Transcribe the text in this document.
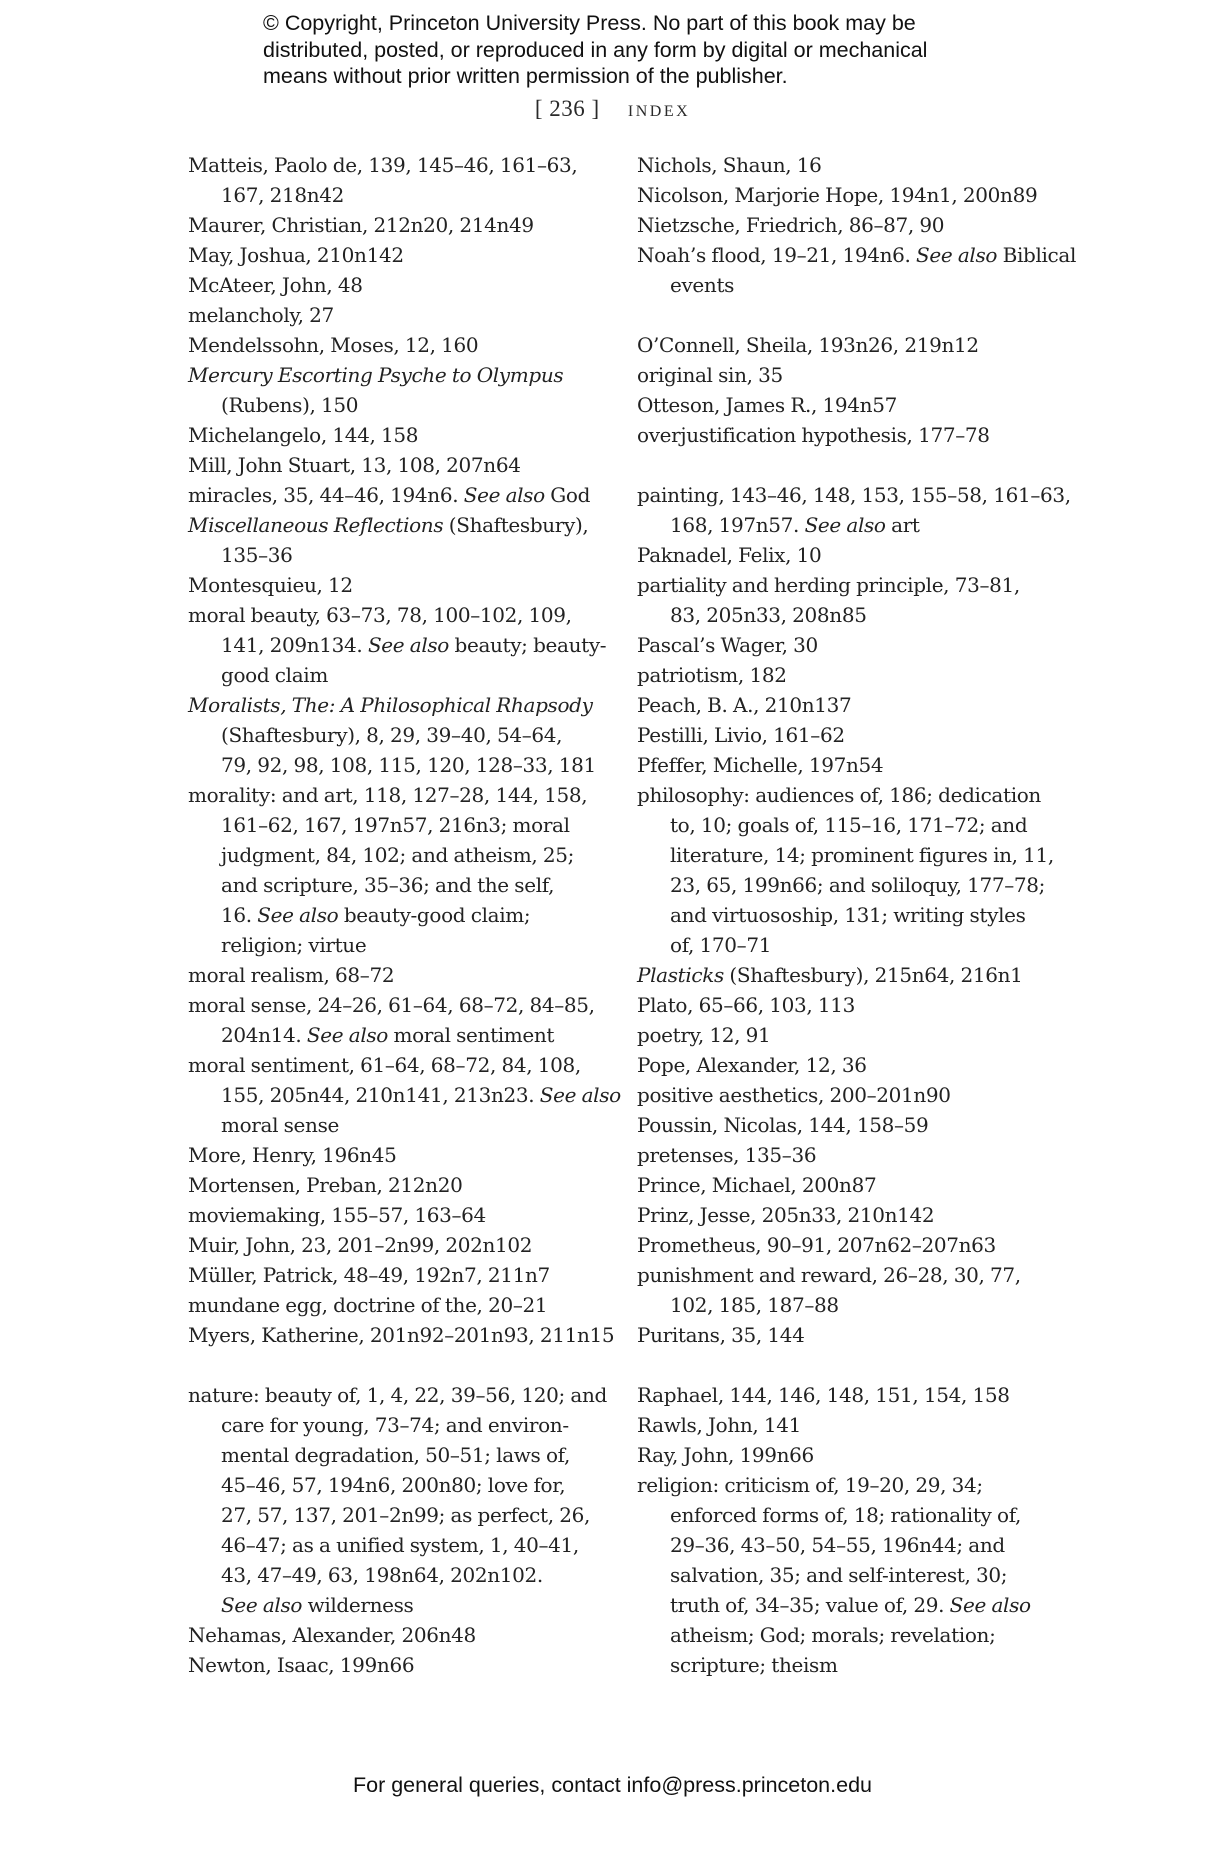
© Copyright, Princeton University Press. No part of this book may be
distributed, posted, or reproduced in any form by digital or mechanical
means without prior written permission of the publisher.
[ 236 ] index
Matteis, Paolo de, 139, 145–46, 161–63,
167, 218n42
Maurer, Christian, 212n20, 214n49
May, Joshua, 210n142
McAteer, John, 48
melancholy, 27
Mendelssohn, Moses, 12, 160
Mercury Escorting Psyche to Olympus
(Rubens), 150
Michelangelo, 144, 158
Mill, John Stuart, 13, 108, 207n64
miracles, 35, 44–46, 194n6. See also God
Miscellaneous Reflections (Shaftesbury),
135–36
Montesquieu, 12
moral beauty, 63–73, 78, 100–102, 109,
141, 209n134. See also beauty; beauty-
good claim
Moralists, The: A Philosophical Rhapsody
(Shaftesbury), 8, 29, 39–40, 54–64,
79, 92, 98, 108, 115, 120, 128–33, 181
morality: and art, 118, 127–28, 144, 158,
161–62, 167, 197n57, 216n3; moral
judgment, 84, 102; and atheism, 25;
and scripture, 35–36; and the self,
16. See also beauty-good claim;
religion; virtue
moral realism, 68–72
moral sense, 24–26, 61–64, 68–72, 84–85,
204n14. See also moral sentiment
moral sentiment, 61–64, 68–72, 84, 108,
155, 205n44, 210n141, 213n23. See also
moral sense
More, Henry, 196n45
Mortensen, Preban, 212n20
moviemaking, 155–57, 163–64
Muir, John, 23, 201–2n99, 202n102
Müller, Patrick, 48–49, 192n7, 211n7
mundane egg, doctrine of the, 20–21
Myers, Katherine, 201n92–201n93, 211n15
nature: beauty of, 1, 4, 22, 39–56, 120; and
care for young, 73–74; and environ-
mental degradation, 50–51; laws of,
45–46, 57, 194n6, 200n80; love for,
27, 57, 137, 201–2n99; as perfect, 26,
46–47; as a unified system, 1, 40–41,
43, 47–49, 63, 198n64, 202n102.
See also wilderness
Nehamas, Alexander, 206n48
Newton, Isaac, 199n66
Nichols, Shaun, 16
Nicolson, Marjorie Hope, 194n1, 200n89
Nietzsche, Friedrich, 86–87, 90
Noah’s flood, 19–21, 194n6. See also Biblical
events
O’Connell, Sheila, 193n26, 219n12
original sin, 35
Otteson, James R., 194n57
overjustification hypothesis, 177–78
painting, 143–46, 148, 153, 155–58, 161–63,
168, 197n57. See also art
Paknadel, Felix, 10
partiality and herding principle, 73–81,
83, 205n33, 208n85
Pascal’s Wager, 30
patriotism, 182
Peach, B. A., 210n137
Pestilli, Livio, 161–62
Pfeffer, Michelle, 197n54
philosophy: audiences of, 186; dedication
to, 10; goals of, 115–16, 171–72; and
literature, 14; prominent figures in, 11,
23, 65, 199n66; and soliloquy, 177–78;
and virtuosoship, 131; writing styles
of, 170–71
Plasticks (Shaftesbury), 215n64, 216n1
Plato, 65–66, 103, 113
poetry, 12, 91
Pope, Alexander, 12, 36
positive aesthetics, 200–201n90
Poussin, Nicolas, 144, 158–59
pretenses, 135–36
Prince, Michael, 200n87
Prinz, Jesse, 205n33, 210n142
Prometheus, 90–91, 207n62–207n63
punishment and reward, 26–28, 30, 77,
102, 185, 187–88
Puritans, 35, 144
Raphael, 144, 146, 148, 151, 154, 158
Rawls, John, 141
Ray, John, 199n66
religion: criticism of, 19–20, 29, 34;
enforced forms of, 18; rationality of,
29–36, 43–50, 54–55, 196n44; and
salvation, 35; and self-interest, 30;
truth of, 34–35; value of, 29. See also
atheism; God; morals; revelation;
scripture; theism
For general queries, contact info@press.princeton.edu
